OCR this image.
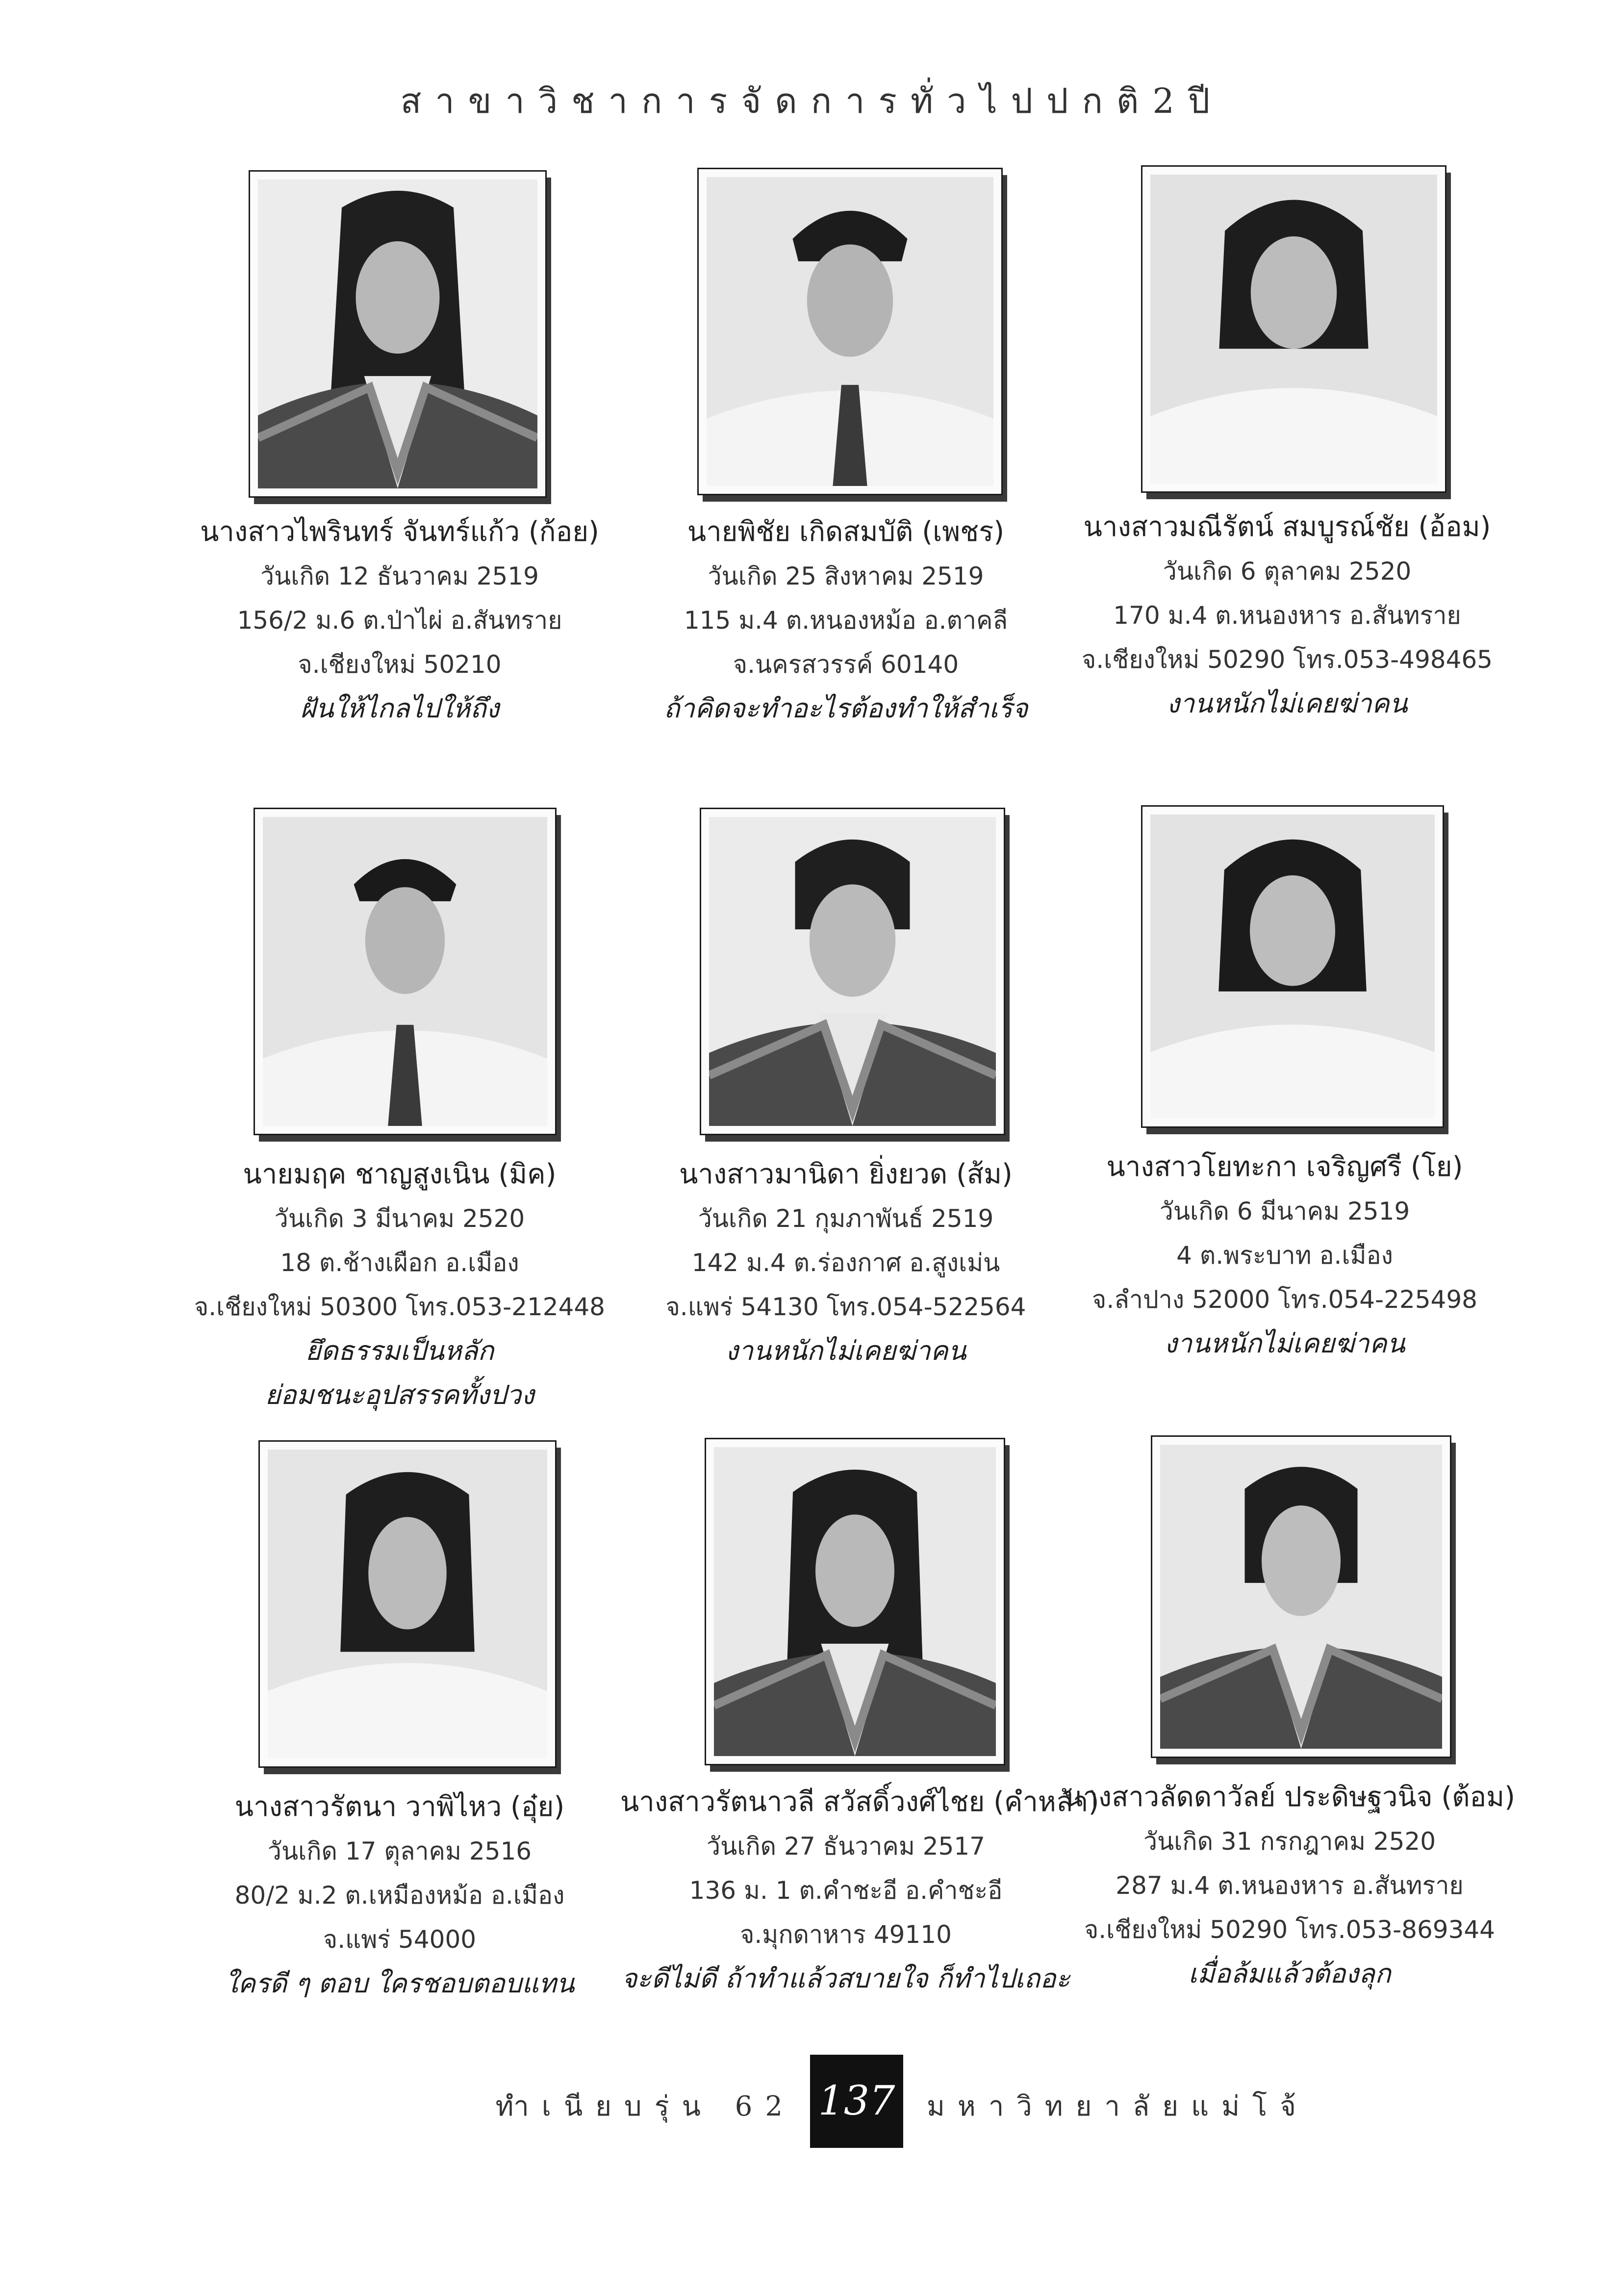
สาขาวิชาการจัดการทั่วไปปกติ2ปี
นางสาวไพรินทร์ จันทร์แก้ว (ก้อย)
วันเกิด 12 ธันวาคม 2519
156/2 ม.6 ต.ป่าไผ่ อ.สันทราย
จ.เชียงใหม่ 50210
ฝันให้ไกลไปให้ถึง
นายพิชัย เกิดสมบัติ (เพชร)
วันเกิด 25 สิงหาคม 2519
115 ม.4 ต.หนองหม้อ อ.ตาคลี
จ.นครสวรรค์ 60140
ถ้าคิดจะทำอะไรต้องทำให้สำเร็จ
นางสาวมณีรัตน์ สมบูรณ์ชัย (อ้อม)
วันเกิด 6 ตุลาคม 2520
170 ม.4 ต.หนองหาร อ.สันทราย
จ.เชียงใหม่ 50290 โทร.053-498465
งานหนักไม่เคยฆ่าคน
นายมฤค ชาญสูงเนิน (มิค)
วันเกิด 3 มีนาคม 2520
18 ต.ช้างเผือก อ.เมือง
จ.เชียงใหม่ 50300 โทร.053-212448
ยึดธรรมเป็นหลัก
ย่อมชนะอุปสรรคทั้งปวง
นางสาวมานิดา ยิ่งยวด (ส้ม)
วันเกิด 21 กุมภาพันธ์ 2519
142 ม.4 ต.ร่องกาศ อ.สูงเม่น
จ.แพร่ 54130 โทร.054-522564
งานหนักไม่เคยฆ่าคน
นางสาวโยทะกา เจริญศรี (โย)
วันเกิด 6 มีนาคม 2519
4 ต.พระบาท อ.เมือง
จ.ลำปาง 52000 โทร.054-225498
งานหนักไม่เคยฆ่าคน
นางสาวรัตนา วาพิไหว (อุ๋ย)
วันเกิด 17 ตุลาคม 2516
80/2 ม.2 ต.เหมืองหม้อ อ.เมือง
จ.แพร่ 54000
ใครดี ๆ ตอบ ใครชอบตอบแทน
นางสาวรัตนาวลี สวัสดิ์วงศ์ไชย (คำหล้า)
วันเกิด 27 ธันวาคม 2517
136 ม. 1 ต.คำชะอี อ.คำชะอี
จ.มุกดาหาร 49110
จะดีไม่ดี ถ้าทำแล้วสบายใจ ก็ทำไปเถอะ
นางสาวลัดดาวัลย์ ประดิษฐวนิจ (ต้อม)
วันเกิด 31 กรกฎาคม 2520
287 ม.4 ต.หนองหาร อ.สันทราย
จ.เชียงใหม่ 50290 โทร.053-869344
เมื่อล้มแล้วต้องลุก
ทำเนียบรุ่น 62 137 มหาวิทยาลัยแม่โจ้
